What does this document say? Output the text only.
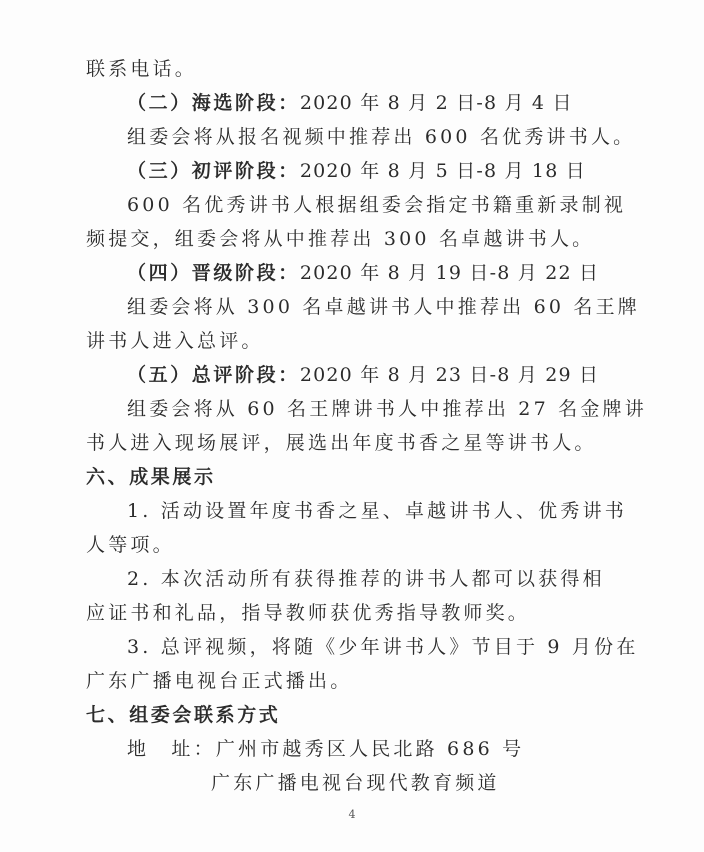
联系电话。
（二）海选阶段：2020 年 8 月 2 日-8 月 4 日
组委会将从报名视频中推荐出 600 名优秀讲书人。
（三）初评阶段：2020 年 8 月 5 日-8 月 18 日
600 名优秀讲书人根据组委会指定书籍重新录制视
频提交，组委会将从中推荐出 300 名卓越讲书人。
（四）晋级阶段：2020 年 8 月 19 日-8 月 22 日
组委会将从 300 名卓越讲书人中推荐出 60 名王牌
讲书人进入总评。
（五）总评阶段：2020 年 8 月 23 日-8 月 29 日
组委会将从 60 名王牌讲书人中推荐出 27 名金牌讲
书人进入现场展评，展选出年度书香之星等讲书人。
六、成果展示
1. 活动设置年度书香之星、卓越讲书人、优秀讲书
人等项。
2. 本次活动所有获得推荐的讲书人都可以获得相
应证书和礼品，指导教师获优秀指导教师奖。
3. 总评视频，将随《少年讲书人》节目于 9 月份在
广东广播电视台正式播出。
七、组委会联系方式
地　址：广州市越秀区人民北路 686 号
广东广播电视台现代教育频道
4
